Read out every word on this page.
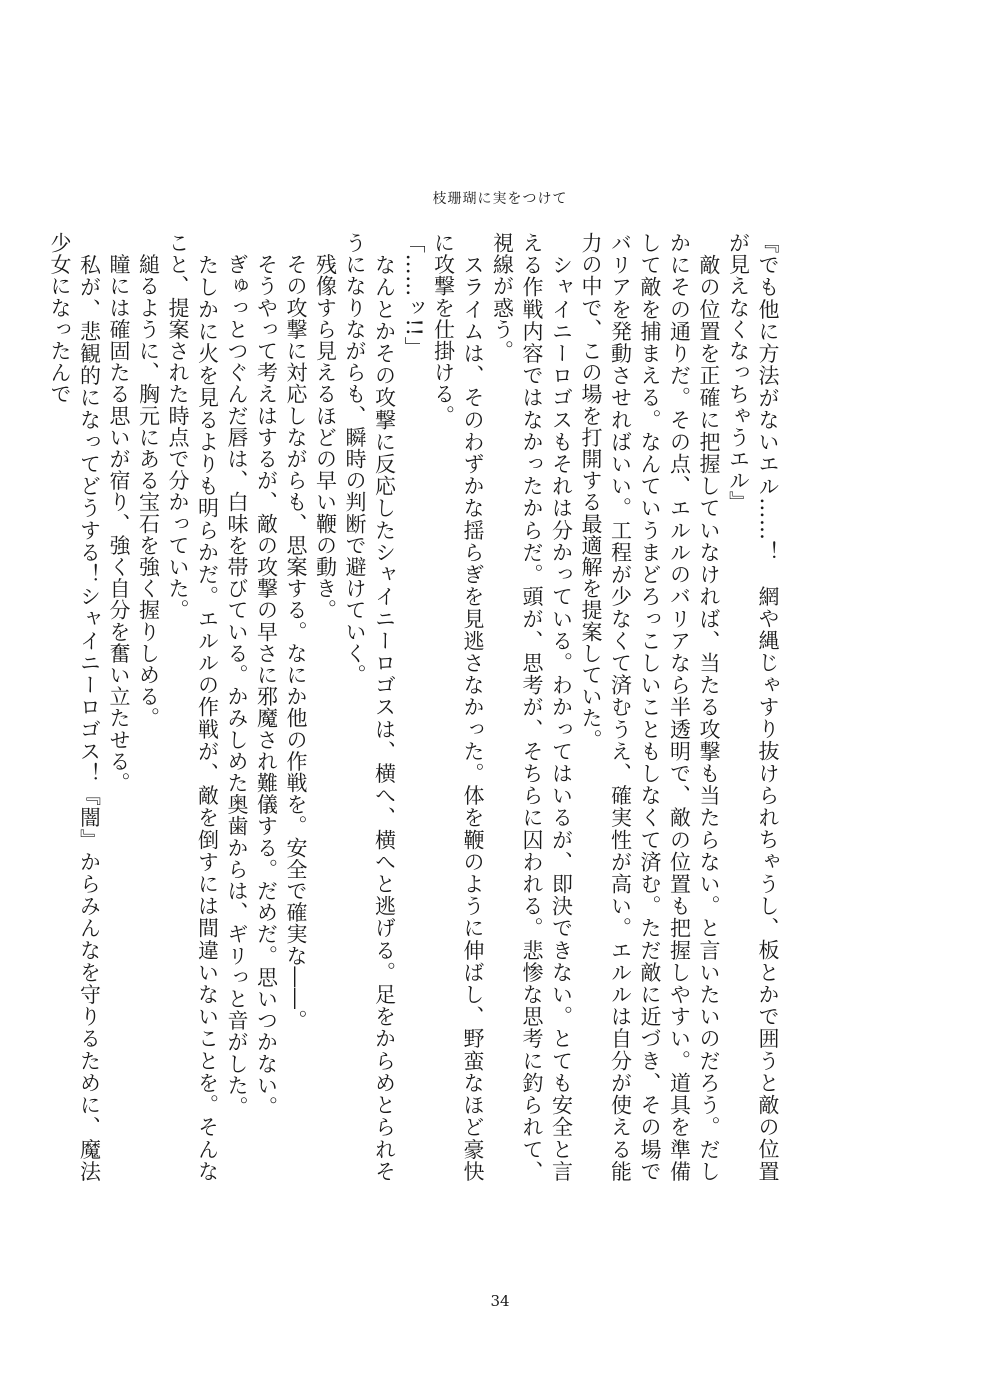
枝珊瑚に実をつけて

『でも他に方法がないエル……！　網や縄じゃすり抜けられちゃうし、板とかで囲うと敵の位置が見えなくなっちゃうエル』

　敵の位置を正確に把握していなければ、当たる攻撃も当たらない。と言いたいのだろう。だしかにその通りだ。その点、エルルのバリアなら半透明で、敵の位置も把握しやすい。道具を準備して敵を捕まえる。なんていうまどろっこしいこともしなくて済む。ただ敵に近づき、その場でバリアを発動させればいい。工程が少なくて済むうえ、確実性が高い。エルルは自分が使える能力の中で、この場を打開する最適解を提案していた。

　シャイニーロゴスもそれは分かっている。わかってはいるが、即決できない。とても安全と言える作戦内容ではなかったからだ。頭が、思考が、そちらに囚われる。悲惨な思考に釣られて、視線が惑う。

　スライムは、そのわずかな揺らぎを見逃さなかった。体を鞭のように伸ばし、野蛮なほど豪快に攻撃を仕掛ける。

「……ッ!!」

　なんとかその攻撃に反応したシャイニーロゴスは、横へ、横へと逃げる。足をからめとられそうになりながらも、瞬時の判断で避けていく。

　残像すら見えるほどの早い鞭の動き。

　その攻撃に対応しながらも、思案する。なにか他の作戦を。安全で確実な――。

　そうやって考えはするが、敵の攻撃の早さに邪魔され難儀する。だめだ。思いつかない。

　ぎゅっとつぐんだ唇は、白味を帯びている。かみしめた奥歯からは、ギリっと音がした。

　たしかに火を見るよりも明らかだ。エルルの作戦が、敵を倒すには間違いないことを。そんなこと、提案された時点で分かっていた。

　縋るように、胸元にある宝石を強く握りしめる。

　瞳には確固たる思いが宿り、強く自分を奮い立たせる。

　私が、悲観的になってどうする！シャイニーロゴス！『闇』からみんなを守りるために、魔法少女になったんで

34
